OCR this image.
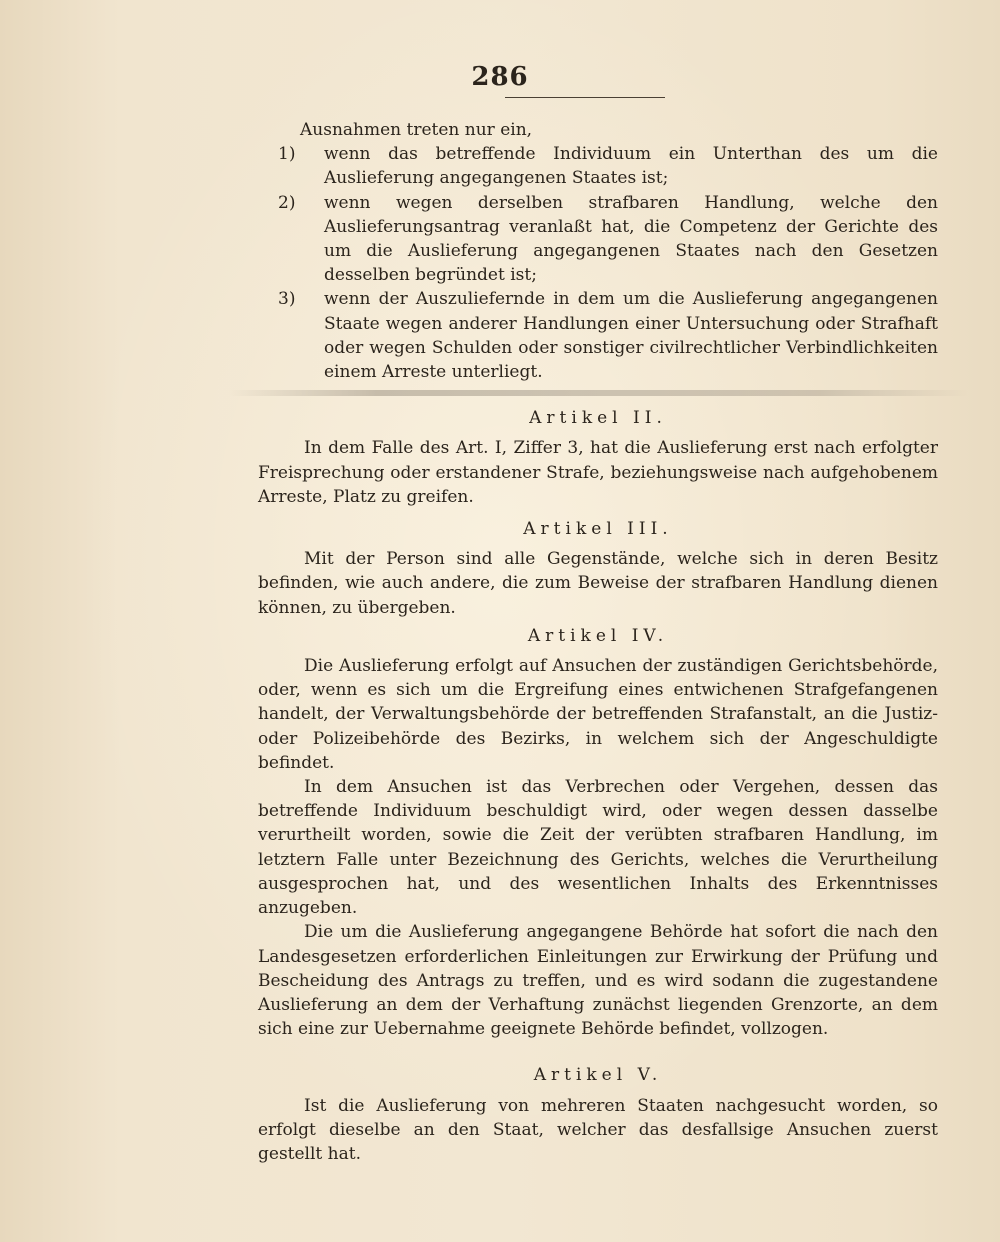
286

Ausnahmen treten nur ein,

1) wenn das betreffende Individuum ein Unterthan des um die Auslieferung angegangenen Staates ist;

2) wenn wegen derselben strafbaren Handlung, welche den Auslieferungsantrag veranlaßt hat, die Competenz der Gerichte des um die Auslieferung angegangenen Staates nach den Gesetzen desselben begründet ist;

3) wenn der Auszuliefernde in dem um die Auslieferung angegangenen Staate wegen anderer Handlungen einer Untersuchung oder Strafhaft oder wegen Schulden oder sonstiger civilrechtlicher Verbindlichkeiten einem Arreste unterliegt.

Artikel II.

In dem Falle des Art. I, Ziffer 3, hat die Auslieferung erst nach erfolgter Freisprechung oder erstandener Strafe, beziehungsweise nach aufgehobenem Arreste, Platz zu greifen.

Artikel III.

Mit der Person sind alle Gegenstände, welche sich in deren Besitz befinden, wie auch andere, die zum Beweise der strafbaren Handlung dienen können, zu übergeben.

Artikel IV.

Die Auslieferung erfolgt auf Ansuchen der zuständigen Gerichtsbehörde, oder, wenn es sich um die Ergreifung eines entwichenen Strafgefangenen handelt, der Verwaltungsbehörde der betreffenden Strafanstalt, an die Justiz- oder Polizeibehörde des Bezirks, in welchem sich der Angeschuldigte befindet.

In dem Ansuchen ist das Verbrechen oder Vergehen, dessen das betreffende Individuum beschuldigt wird, oder wegen dessen dasselbe verurtheilt worden, sowie die Zeit der verübten strafbaren Handlung, im letztern Falle unter Bezeichnung des Gerichts, welches die Verurtheilung ausgesprochen hat, und des wesentlichen Inhalts des Erkenntnisses anzugeben.

Die um die Auslieferung angegangene Behörde hat sofort die nach den Landesgesetzen erforderlichen Einleitungen zur Erwirkung der Prüfung und Bescheidung des Antrags zu treffen, und es wird sodann die zugestandene Auslieferung an dem der Verhaftung zunächst liegenden Grenzorte, an dem sich eine zur Uebernahme geeignete Behörde befindet, vollzogen.

Artikel V.

Ist die Auslieferung von mehreren Staaten nachgesucht worden, so erfolgt dieselbe an den Staat, welcher das desfallsige Ansuchen zuerst gestellt hat.
